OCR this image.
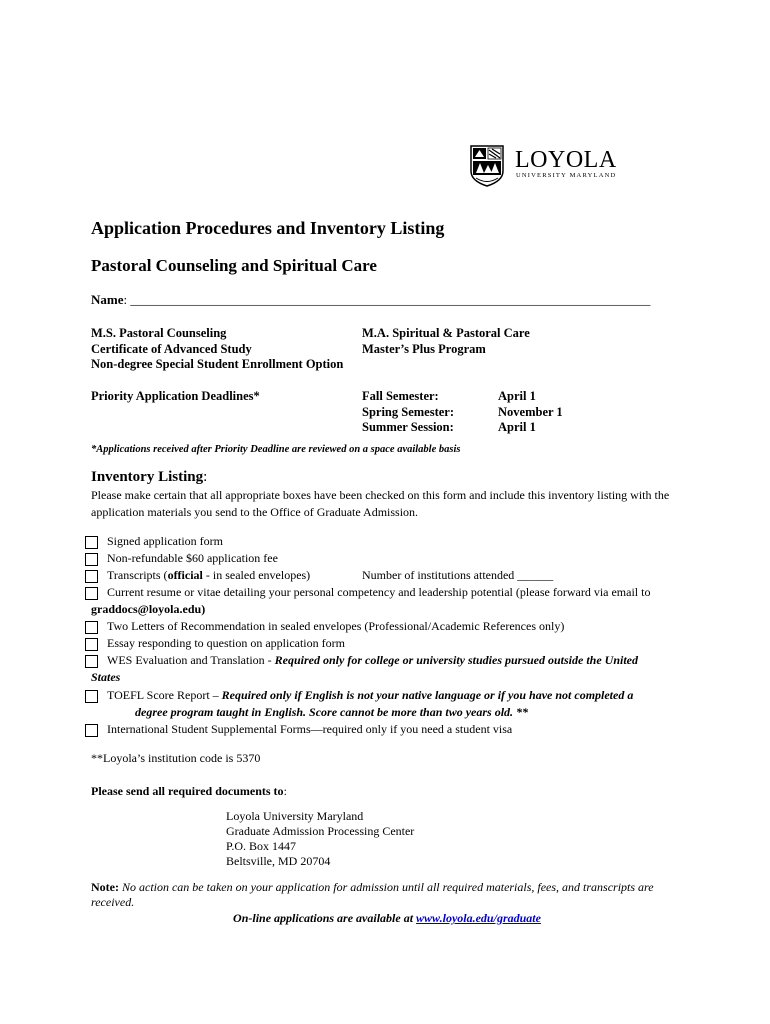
LOYOLA
UNIVERSITY MARYLAND
Application Procedures and Inventory Listing
Pastoral Counseling and Spiritual Care
Name: ________________________________________________________________________________
M.S. Pastoral Counseling
Certificate of Advanced Study
Non-degree Special Student Enrollment Option
M.A. Spiritual & Pastoral Care
Master’s Plus Program
Priority Application Deadlines*	Fall Semester:
Spring Semester:
Summer Session:
April 1
November 1
April 1
*Applications received after Priority Deadline are reviewed on a space available basis
Inventory Listing:
Please make certain that all appropriate boxes have been checked on this form and include this inventory listing with the application materials you send to the Office of Graduate Admission.
Signed application form
Non-refundable $60 application fee
Transcripts (official - in sealed envelopes)	Number of institutions attended ______
Current resume or vitae detailing your personal competency and leadership potential (please forward via email to
graddocs@loyola.edu)
Two Letters of Recommendation in sealed envelopes (Professional/Academic References only)
Essay responding to question on application form
WES Evaluation and Translation - Required only for college or university studies pursued outside the United
States
TOEFL Score Report – Required only if English is not your native language or if you have not completed a
degree program taught in English. Score cannot be more than two years old. **
International Student Supplemental Forms—required only if you need a student visa
**Loyola’s institution code is 5370
Please send all required documents to:
Loyola University Maryland
Graduate Admission Processing Center
P.O. Box 1447
Beltsville, MD 20704
Note: No action can be taken on your application for admission until all required materials, fees, and transcripts are received.
On-line applications are available at www.loyola.edu/graduate
